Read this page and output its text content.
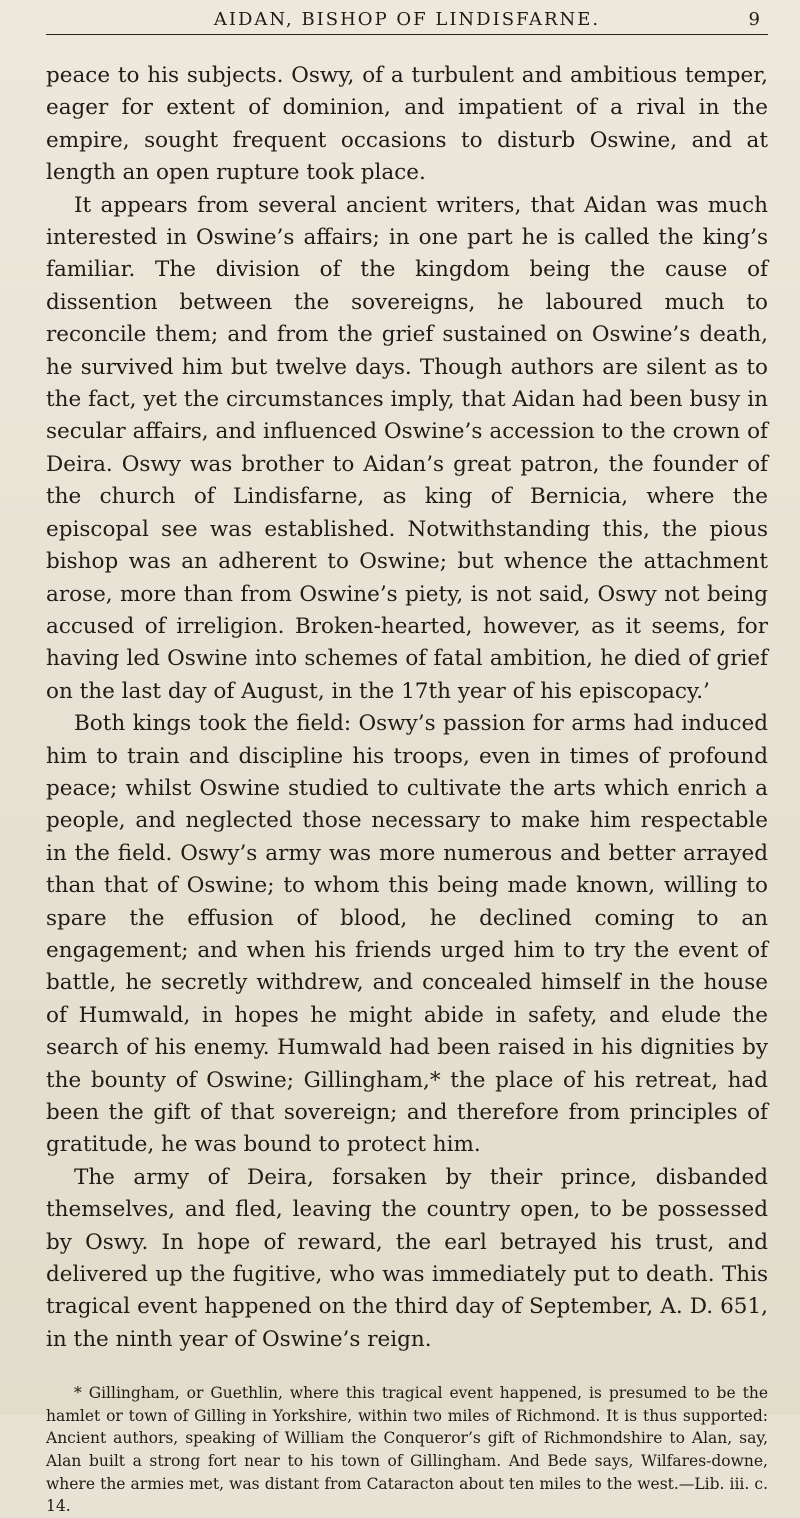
AIDAN, BISHOP OF LINDISFARNE.	9

peace to his subjects. Oswy, of a turbulent and ambitious temper, eager for extent of dominion, and impatient of a rival in the empire, sought frequent occasions to disturb Oswine, and at length an open rupture took place.

It appears from several ancient writers, that Aidan was much interested in Oswine’s affairs; in one part he is called the king’s familiar. The division of the kingdom being the cause of dissention between the sovereigns, he laboured much to reconcile them; and from the grief sustained on Oswine’s death, he survived him but twelve days. Though authors are silent as to the fact, yet the circumstances imply, that Aidan had been busy in secular affairs, and influenced Oswine’s accession to the crown of Deira. Oswy was brother to Aidan’s great patron, the founder of the church of Lindisfarne, as king of Bernicia, where the episcopal see was established. Notwithstanding this, the pious bishop was an adherent to Oswine; but whence the attachment arose, more than from Oswine’s piety, is not said, Oswy not being accused of irreligion. Broken-hearted, however, as it seems, for having led Oswine into schemes of fatal ambition, he died of grief on the last day of August, in the 17th year of his episcopacy.’

Both kings took the field: Oswy’s passion for arms had induced him to train and discipline his troops, even in times of profound peace; whilst Oswine studied to cultivate the arts which enrich a people, and neglected those necessary to make him respectable in the field. Oswy’s army was more numerous and better arrayed than that of Oswine; to whom this being made known, willing to spare the effusion of blood, he declined coming to an engagement; and when his friends urged him to try the event of battle, he secretly withdrew, and concealed himself in the house of Humwald, in hopes he might abide in safety, and elude the search of his enemy. Humwald had been raised in his dignities by the bounty of Oswine; Gillingham,* the place of his retreat, had been the gift of that sovereign; and therefore from principles of gratitude, he was bound to protect him.

The army of Deira, forsaken by their prince, disbanded themselves, and fled, leaving the country open, to be possessed by Oswy. In hope of reward, the earl betrayed his trust, and delivered up the fugitive, who was immediately put to death. This tragical event happened on the third day of September, A. D. 651, in the ninth year of Oswine’s reign.

* Gillingham, or Guethlin, where this tragical event happened, is presumed to be the hamlet or town of Gilling in Yorkshire, within two miles of Richmond. It is thus supported: Ancient authors, speaking of William the Conqueror’s gift of Richmondshire to Alan, say, Alan built a strong fort near to his town of Gillingham. And Bede says, Wilfares-downe, where the armies met, was distant from Cataracton about ten miles to the west.—Lib. iii. c. 14.
